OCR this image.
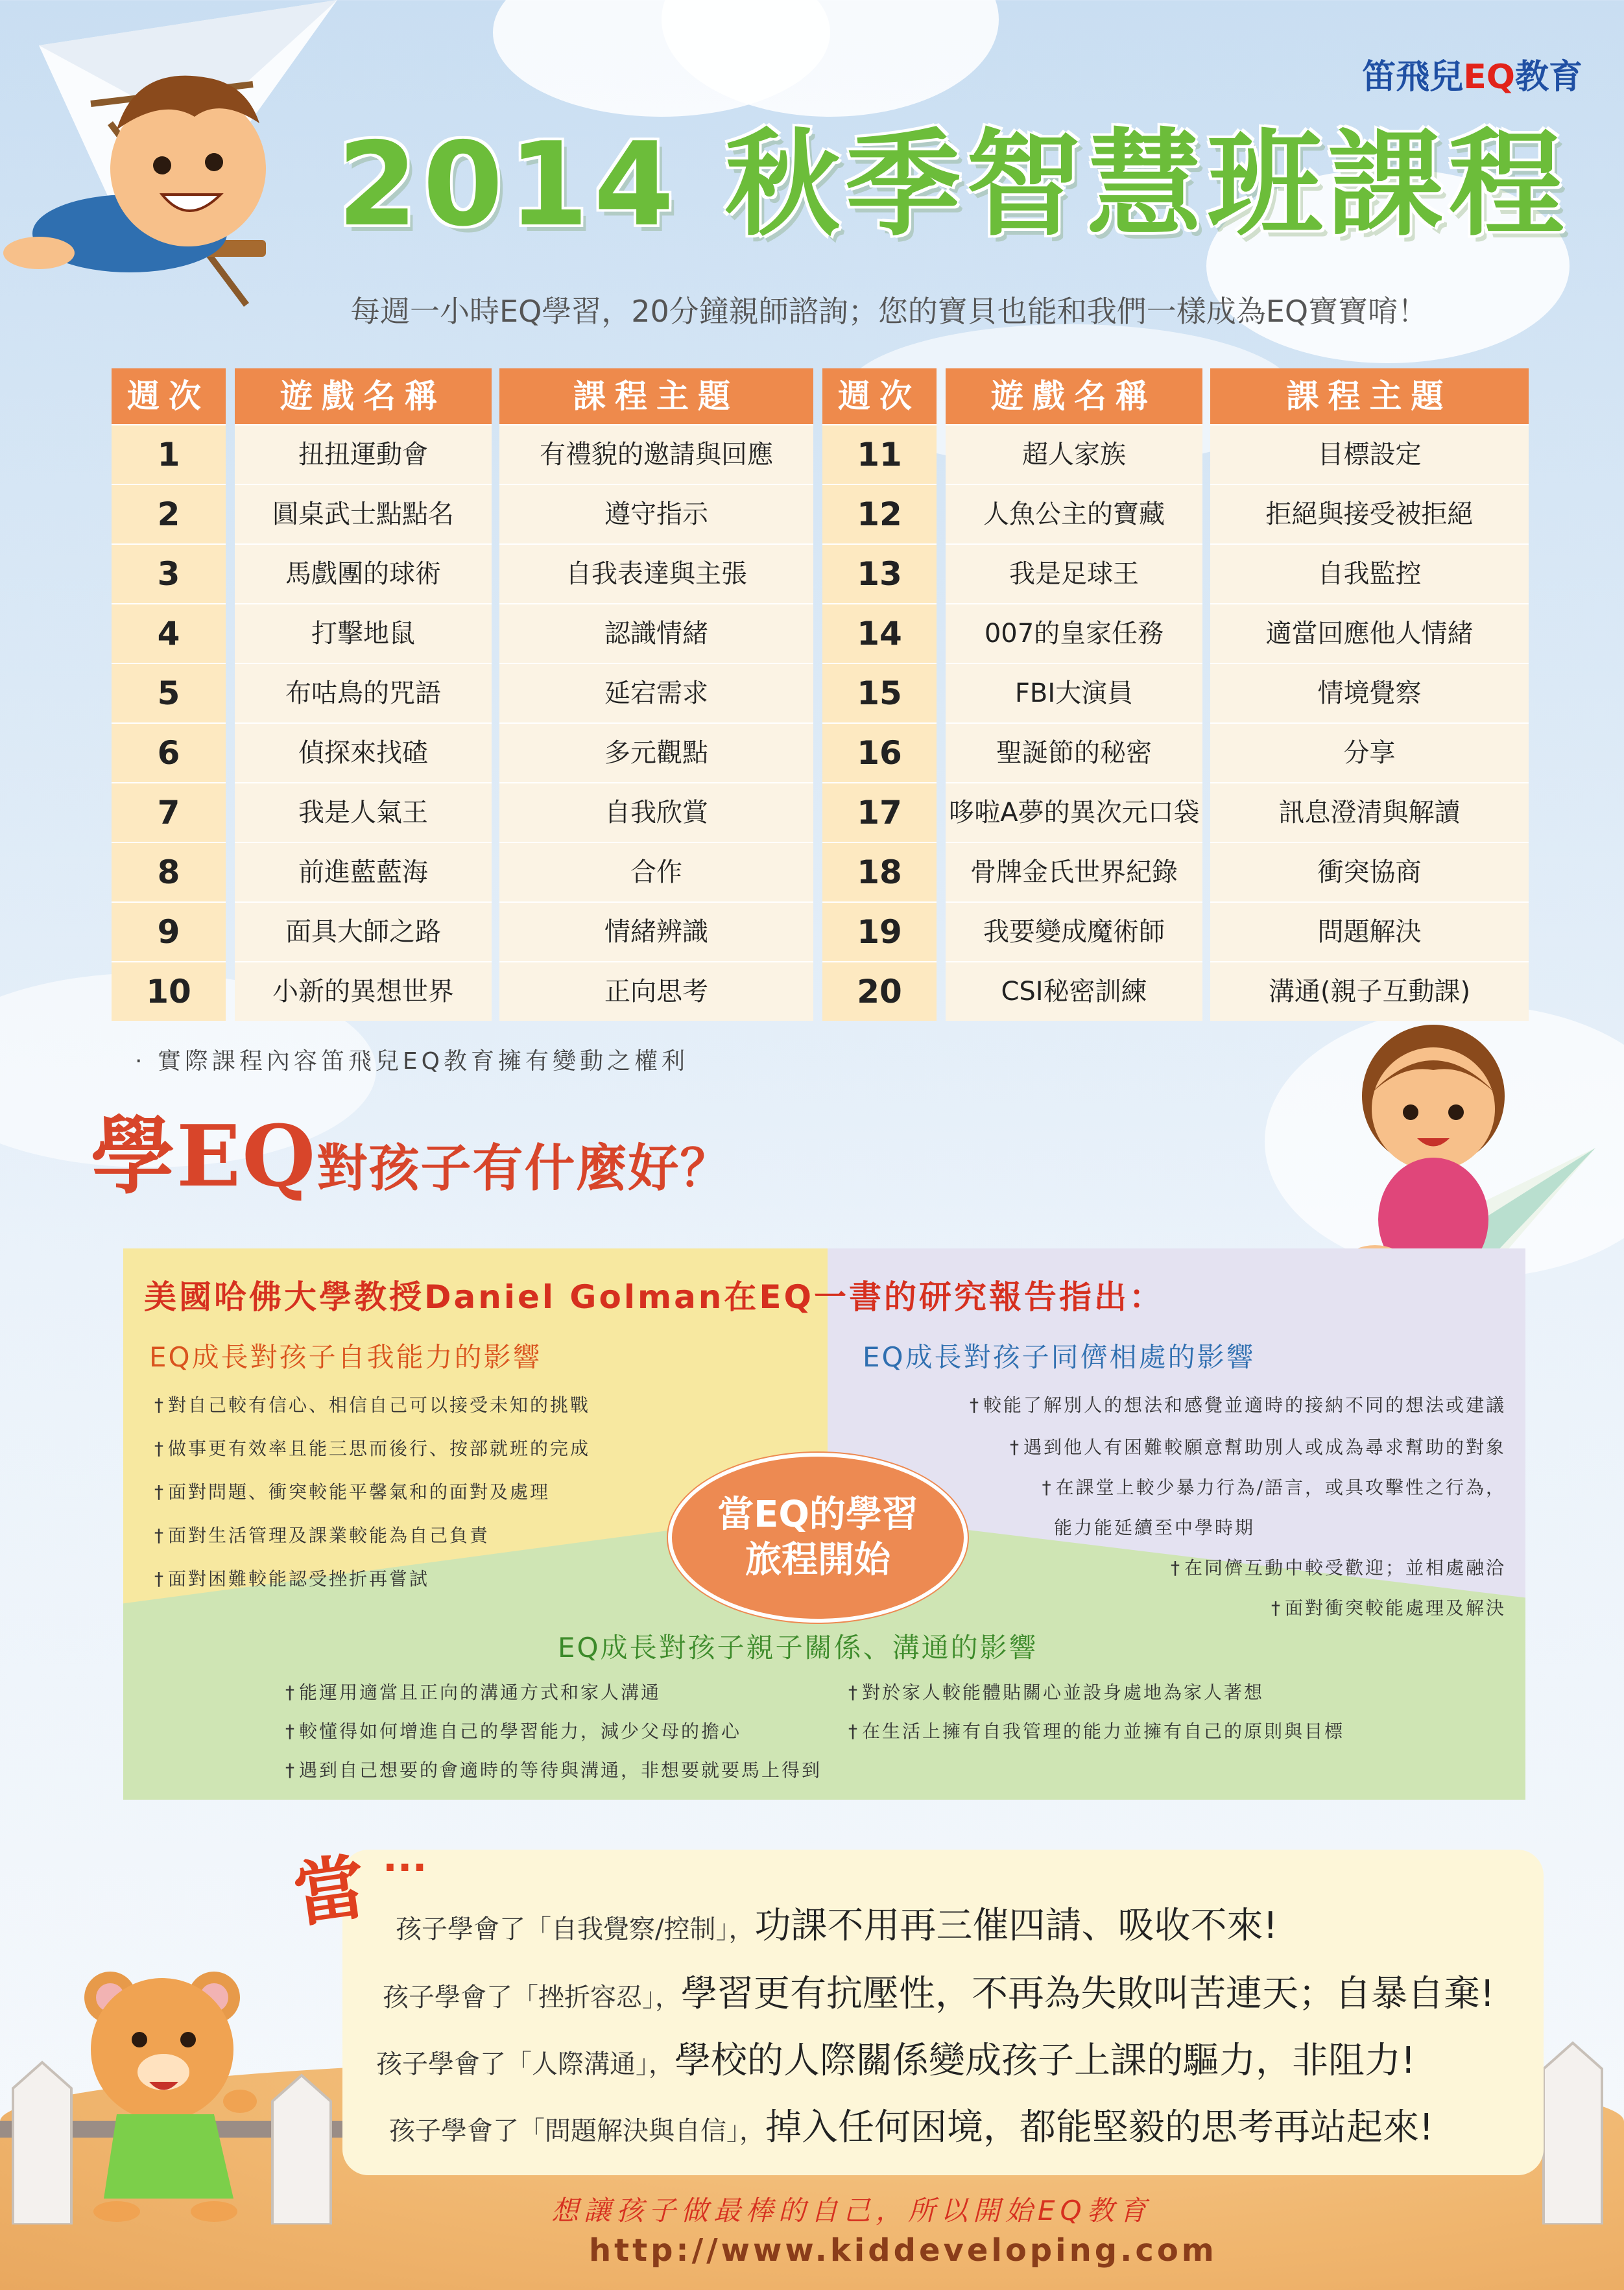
笛飛兒EQ教育
2014 秋季智慧班課程
每週一小時EQ學習，20分鐘親師諮詢；您的寶貝也能和我們一樣成為EQ寶寶唷！
週次
1
2
3
4
5
6
7
8
9
10
遊戲名稱
扭扭運動會
圓桌武士點點名
馬戲團的球術
打擊地鼠
布咕鳥的咒語
偵探來找碴
我是人氣王
前進藍藍海
面具大師之路
小新的異想世界
課程主題
有禮貌的邀請與回應
遵守指示
自我表達與主張
認識情緒
延宕需求
多元觀點
自我欣賞
合作
情緒辨識
正向思考
週次
11
12
13
14
15
16
17
18
19
20
遊戲名稱
超人家族
人魚公主的寶藏
我是足球王
007的皇家任務
FBI大演員
聖誕節的秘密
哆啦A夢的異次元口袋
骨牌金氏世界紀錄
我要變成魔術師
CSI秘密訓練
課程主題
目標設定
拒絕與接受被拒絕
自我監控
適當回應他人情緒
情境覺察
分享
訊息澄清與解讀
衝突協商
問題解決
溝通(親子互動課)
· 實際課程內容笛飛兒EQ教育擁有變動之權利
學EQ對孩子有什麼好？
美國哈佛大學教授Daniel Golman在EQ一書的研究報告指出：
EQ成長對孩子自我能力的影響
† 對自己較有信心、相信自己可以接受未知的挑戰
† 做事更有效率且能三思而後行、按部就班的完成
† 面對問題、衝突較能平馨氣和的面對及處理
† 面對生活管理及課業較能為自己負責
† 面對困難較能認受挫折再嘗試
EQ成長對孩子同儕相處的影響
† 較能了解別人的想法和感覺並適時的接納不同的想法或建議
† 遇到他人有困難較願意幫助別人或成為尋求幫助的對象
† 在課堂上較少暴力行為/語言，或具攻擊性之行為，
能力能延續至中學時期
† 在同儕互動中較受歡迎；並相處融洽
† 面對衝突較能處理及解決
當EQ的學習
旅程開始
EQ成長對孩子親子關係、溝通的影響
† 能運用適當且正向的溝通方式和家人溝通
† 較懂得如何增進自己的學習能力，減少父母的擔心
† 遇到自己想要的會適時的等待與溝通，非想要就要馬上得到
† 對於家人較能體貼關心並設身處地為家人著想
† 在生活上擁有自我管理的能力並擁有自己的原則與目標
當 ...
孩子學會了「自我覺察/控制」，功課不用再三催四請、吸收不來!
孩子學會了「挫折容忍」，學習更有抗壓性，不再為失敗叫苦連天；自暴自棄!
孩子學會了「人際溝通」，學校的人際關係變成孩子上課的驅力，非阻力!
孩子學會了「問題解決與自信」，掉入任何困境，都能堅毅的思考再站起來!
想讓孩子做最棒的自己，所以開始EQ教育
http://www.kiddeveloping.com
